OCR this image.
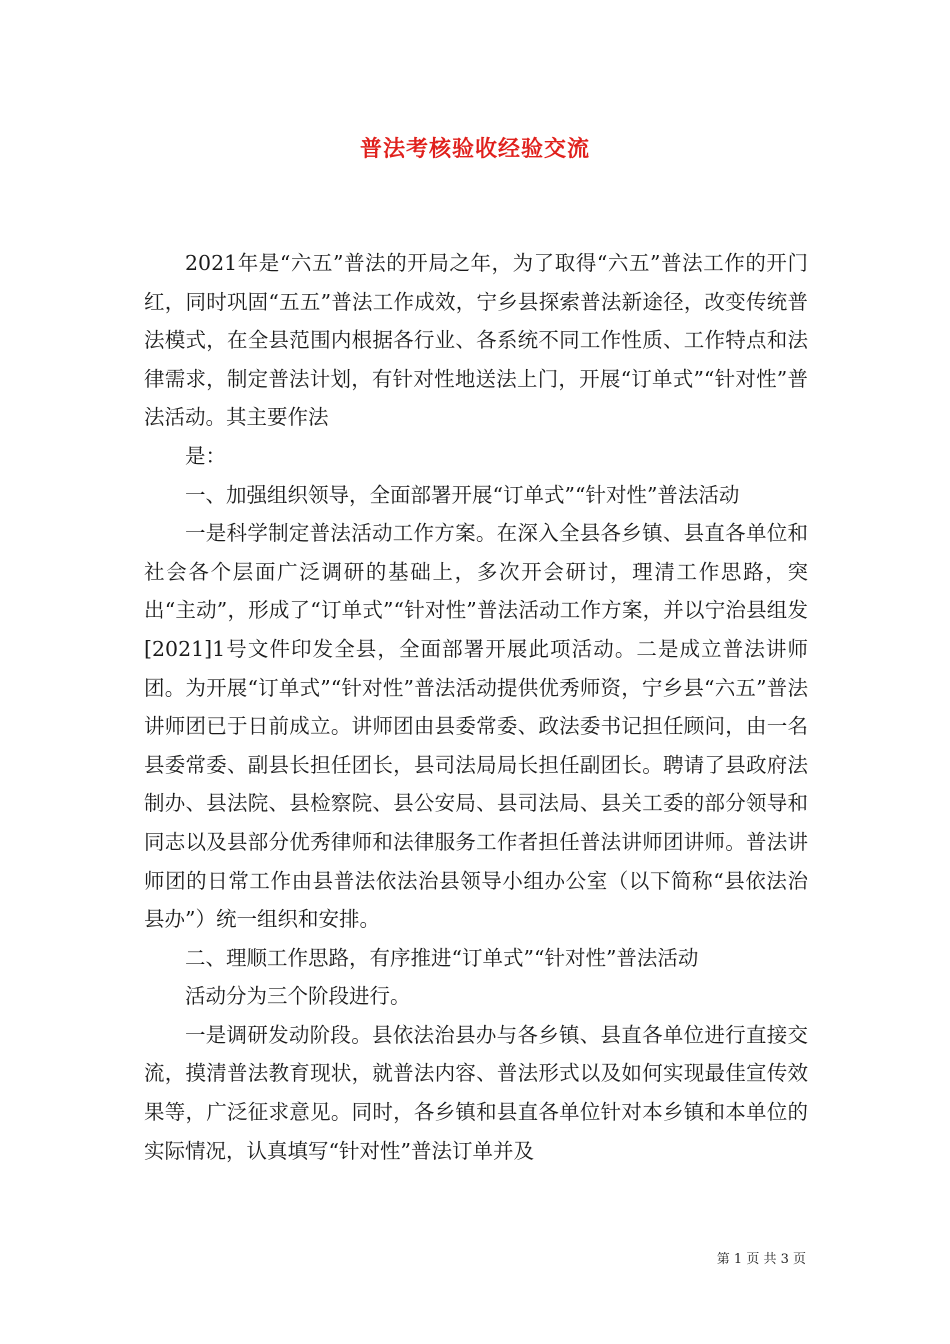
普法考核验收经验交流

2021年是“六五”普法的开局之年，为了取得“六五”普法工作的开门红，同时巩固“五五”普法工作成效，宁乡县探索普法新途径，改变传统普法模式，在全县范围内根据各行业、各系统不同工作性质、工作特点和法律需求，制定普法计划，有针对性地送法上门，开展“订单式”“针对性”普法活动。其主要作法

是：

一、加强组织领导，全面部署开展“订单式”“针对性”普法活动

一是科学制定普法活动工作方案。在深入全县各乡镇、县直各单位和社会各个层面广泛调研的基础上，多次开会研讨，理清工作思路，突出“主动”，形成了“订单式”“针对性”普法活动工作方案，并以宁治县组发[2021]1号文件印发全县，全面部署开展此项活动。二是成立普法讲师团。为开展“订单式”“针对性”普法活动提供优秀师资，宁乡县“六五”普法讲师团已于日前成立。讲师团由县委常委、政法委书记担任顾问，由一名县委常委、副县长担任团长，县司法局局长担任副团长。聘请了县政府法制办、县法院、县检察院、县公安局、县司法局、县关工委的部分领导和同志以及县部分优秀律师和法律服务工作者担任普法讲师团讲师。普法讲师团的日常工作由县普法依法治县领导小组办公室（以下简称“县依法治县办”）统一组织和安排。

二、理顺工作思路，有序推进“订单式”“针对性”普法活动

活动分为三个阶段进行。

一是调研发动阶段。县依法治县办与各乡镇、县直各单位进行直接交流，摸清普法教育现状，就普法内容、普法形式以及如何实现最佳宣传效果等，广泛征求意见。同时，各乡镇和县直各单位针对本乡镇和本单位的实际情况，认真填写“针对性”普法订单并及

第 1 页 共 3 页
